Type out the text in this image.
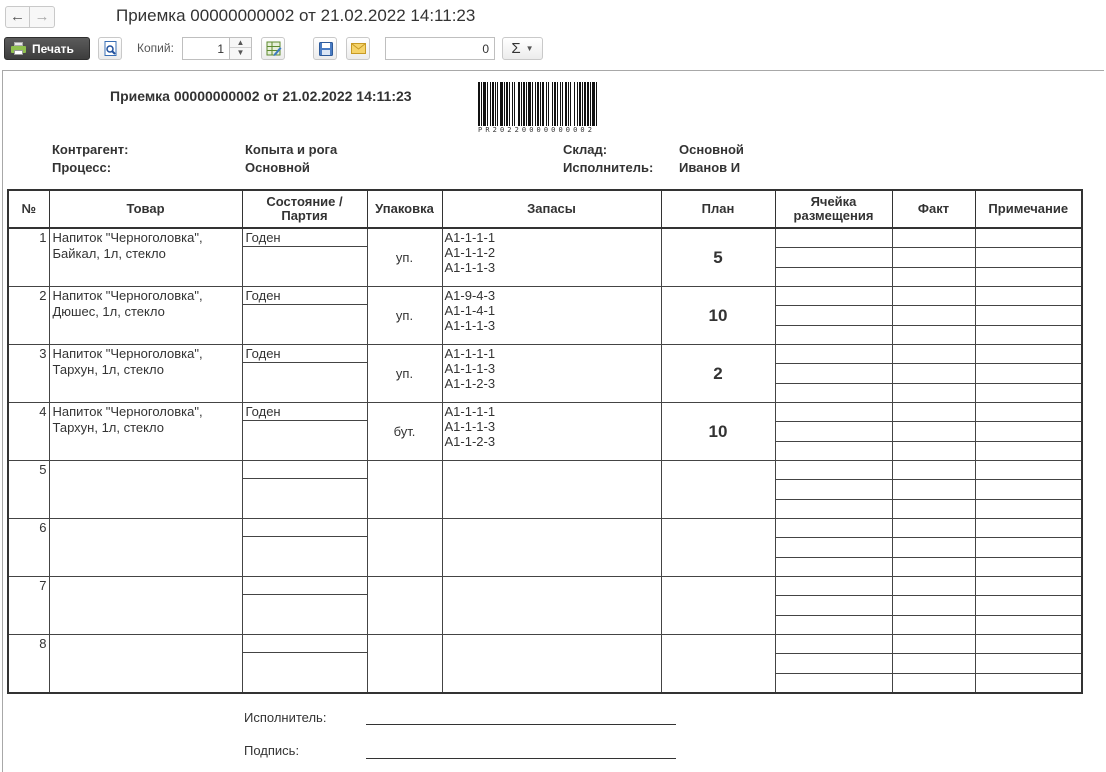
← →	Приемка 00000000002 от 21.02.2022 14:11:23
Печать	Копий:
1	▲
▼
0	Σ ▼
Приемка 00000000002 от 21.02.2022 14:11:23
PR20220000000002
Контрагент:	Копыта и рога
Процесс:	Основной
Склад:	Основной
Исполнитель: Иванов И
№	Товар	Состояние / Партия	Упаковка	Запасы	План	Ячейка размещения	Факт	Примечание
1	Напиток "Черноголовка", Байкал, 1л, стекло	Годен	уп.	А1-1-1-1
А1-1-1-2
А1-1-1-3	5	

2	Напиток "Черноголовка", Дюшес, 1л, стекло	Годен	уп.	А1-9-4-3
А1-1-4-1
А1-1-1-3	10	

3	Напиток "Черноголовка", Тархун, 1л, стекло	Годен	уп.	А1-1-1-1
А1-1-1-3
А1-1-2-3	2	

4	Напиток "Черноголовка", Тархун, 1л, стекло	Годен	бут.	А1-1-1-1
А1-1-1-3
А1-1-2-3	10	

5		

6		

7		

8		

Исполнитель:
Подпись:
